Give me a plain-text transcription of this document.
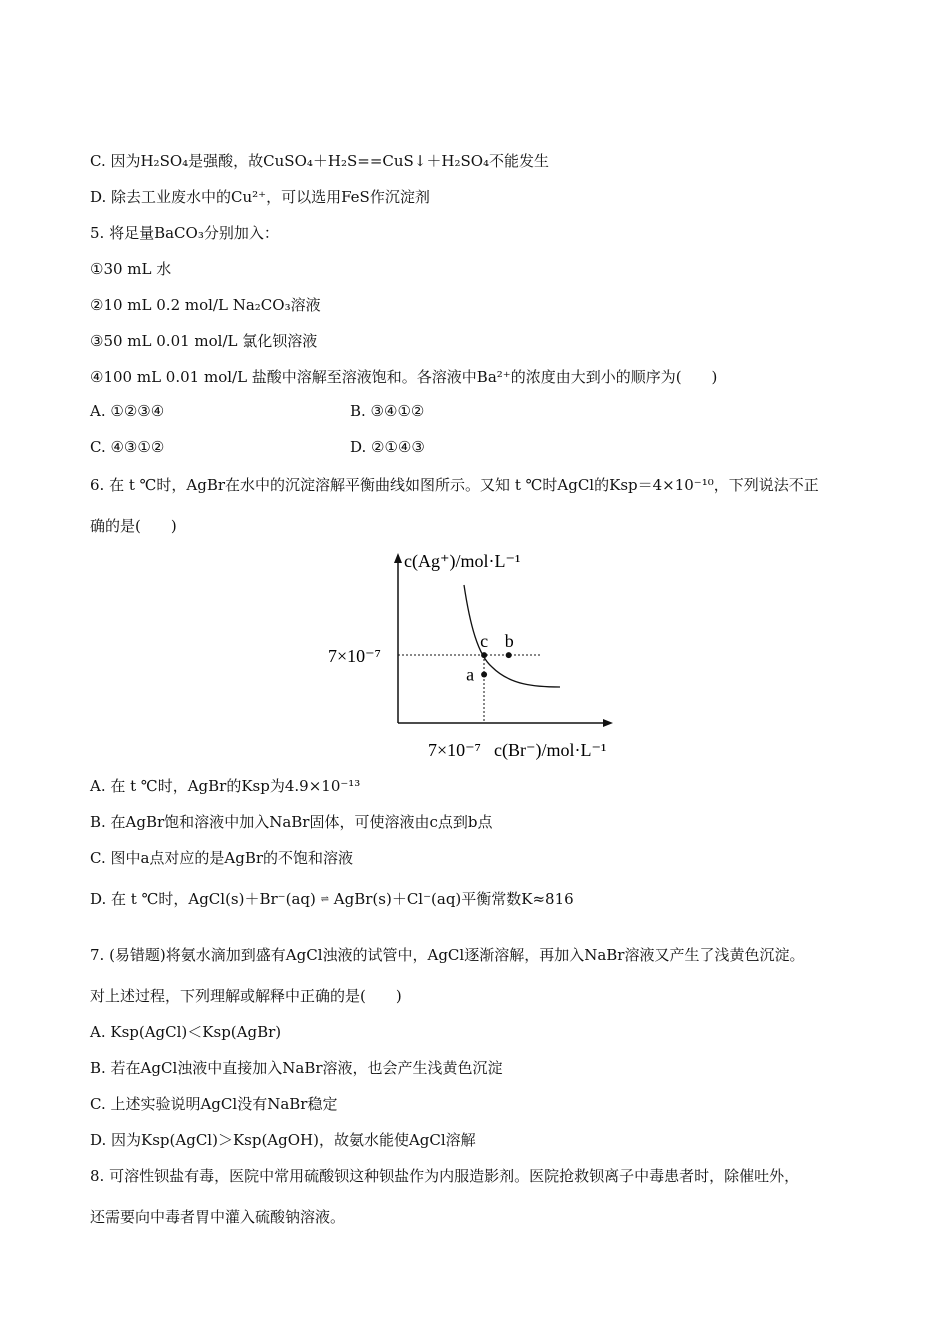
C. 因为H₂SO₄是强酸，故CuSO₄＋H₂S==CuS↓＋H₂SO₄不能发生
D. 除去工业废水中的Cu²⁺，可以选用FeS作沉淀剂
5. 将足量BaCO₃分别加入：
①30 mL 水
②10 mL 0.2 mol/L Na₂CO₃溶液
③50 mL 0.01 mol/L 氯化钡溶液
④100 mL 0.01 mol/L 盐酸中溶解至溶液饱和。各溶液中Ba²⁺的浓度由大到小的顺序为(　　)
A. ①②③④	B. ③④①②
C. ④③①②	D. ②①④③
6. 在 t ℃时，AgBr在水中的沉淀溶解平衡曲线如图所示。又知 t ℃时AgCl的Ksp＝4×10⁻¹⁰，下列说法不正
确的是(　　)
c(Ag⁺)/mol·L⁻¹
7×10⁻⁷
7×10⁻⁷ c(Br⁻)/mol·L⁻¹
c b
a
A. 在 t ℃时，AgBr的Ksp为4.9×10⁻¹³
B. 在AgBr饱和溶液中加入NaBr固体，可使溶液由c点到b点
C. 图中a点对应的是AgBr的不饱和溶液
D. 在 t ℃时，AgCl(s)＋Br⁻(aq) ⇌ AgBr(s)＋Cl⁻(aq)平衡常数K≈816
7. (易错题)将氨水滴加到盛有AgCl浊液的试管中，AgCl逐渐溶解，再加入NaBr溶液又产生了浅黄色沉淀。
对上述过程，下列理解或解释中正确的是(　　)
A. Ksp(AgCl)＜Ksp(AgBr)
B. 若在AgCl浊液中直接加入NaBr溶液，也会产生浅黄色沉淀
C. 上述实验说明AgCl没有NaBr稳定
D. 因为Ksp(AgCl)＞Ksp(AgOH)，故氨水能使AgCl溶解
8. 可溶性钡盐有毒，医院中常用硫酸钡这种钡盐作为内服造影剂。医院抢救钡离子中毒患者时，除催吐外，
还需要向中毒者胃中灌入硫酸钠溶液。
